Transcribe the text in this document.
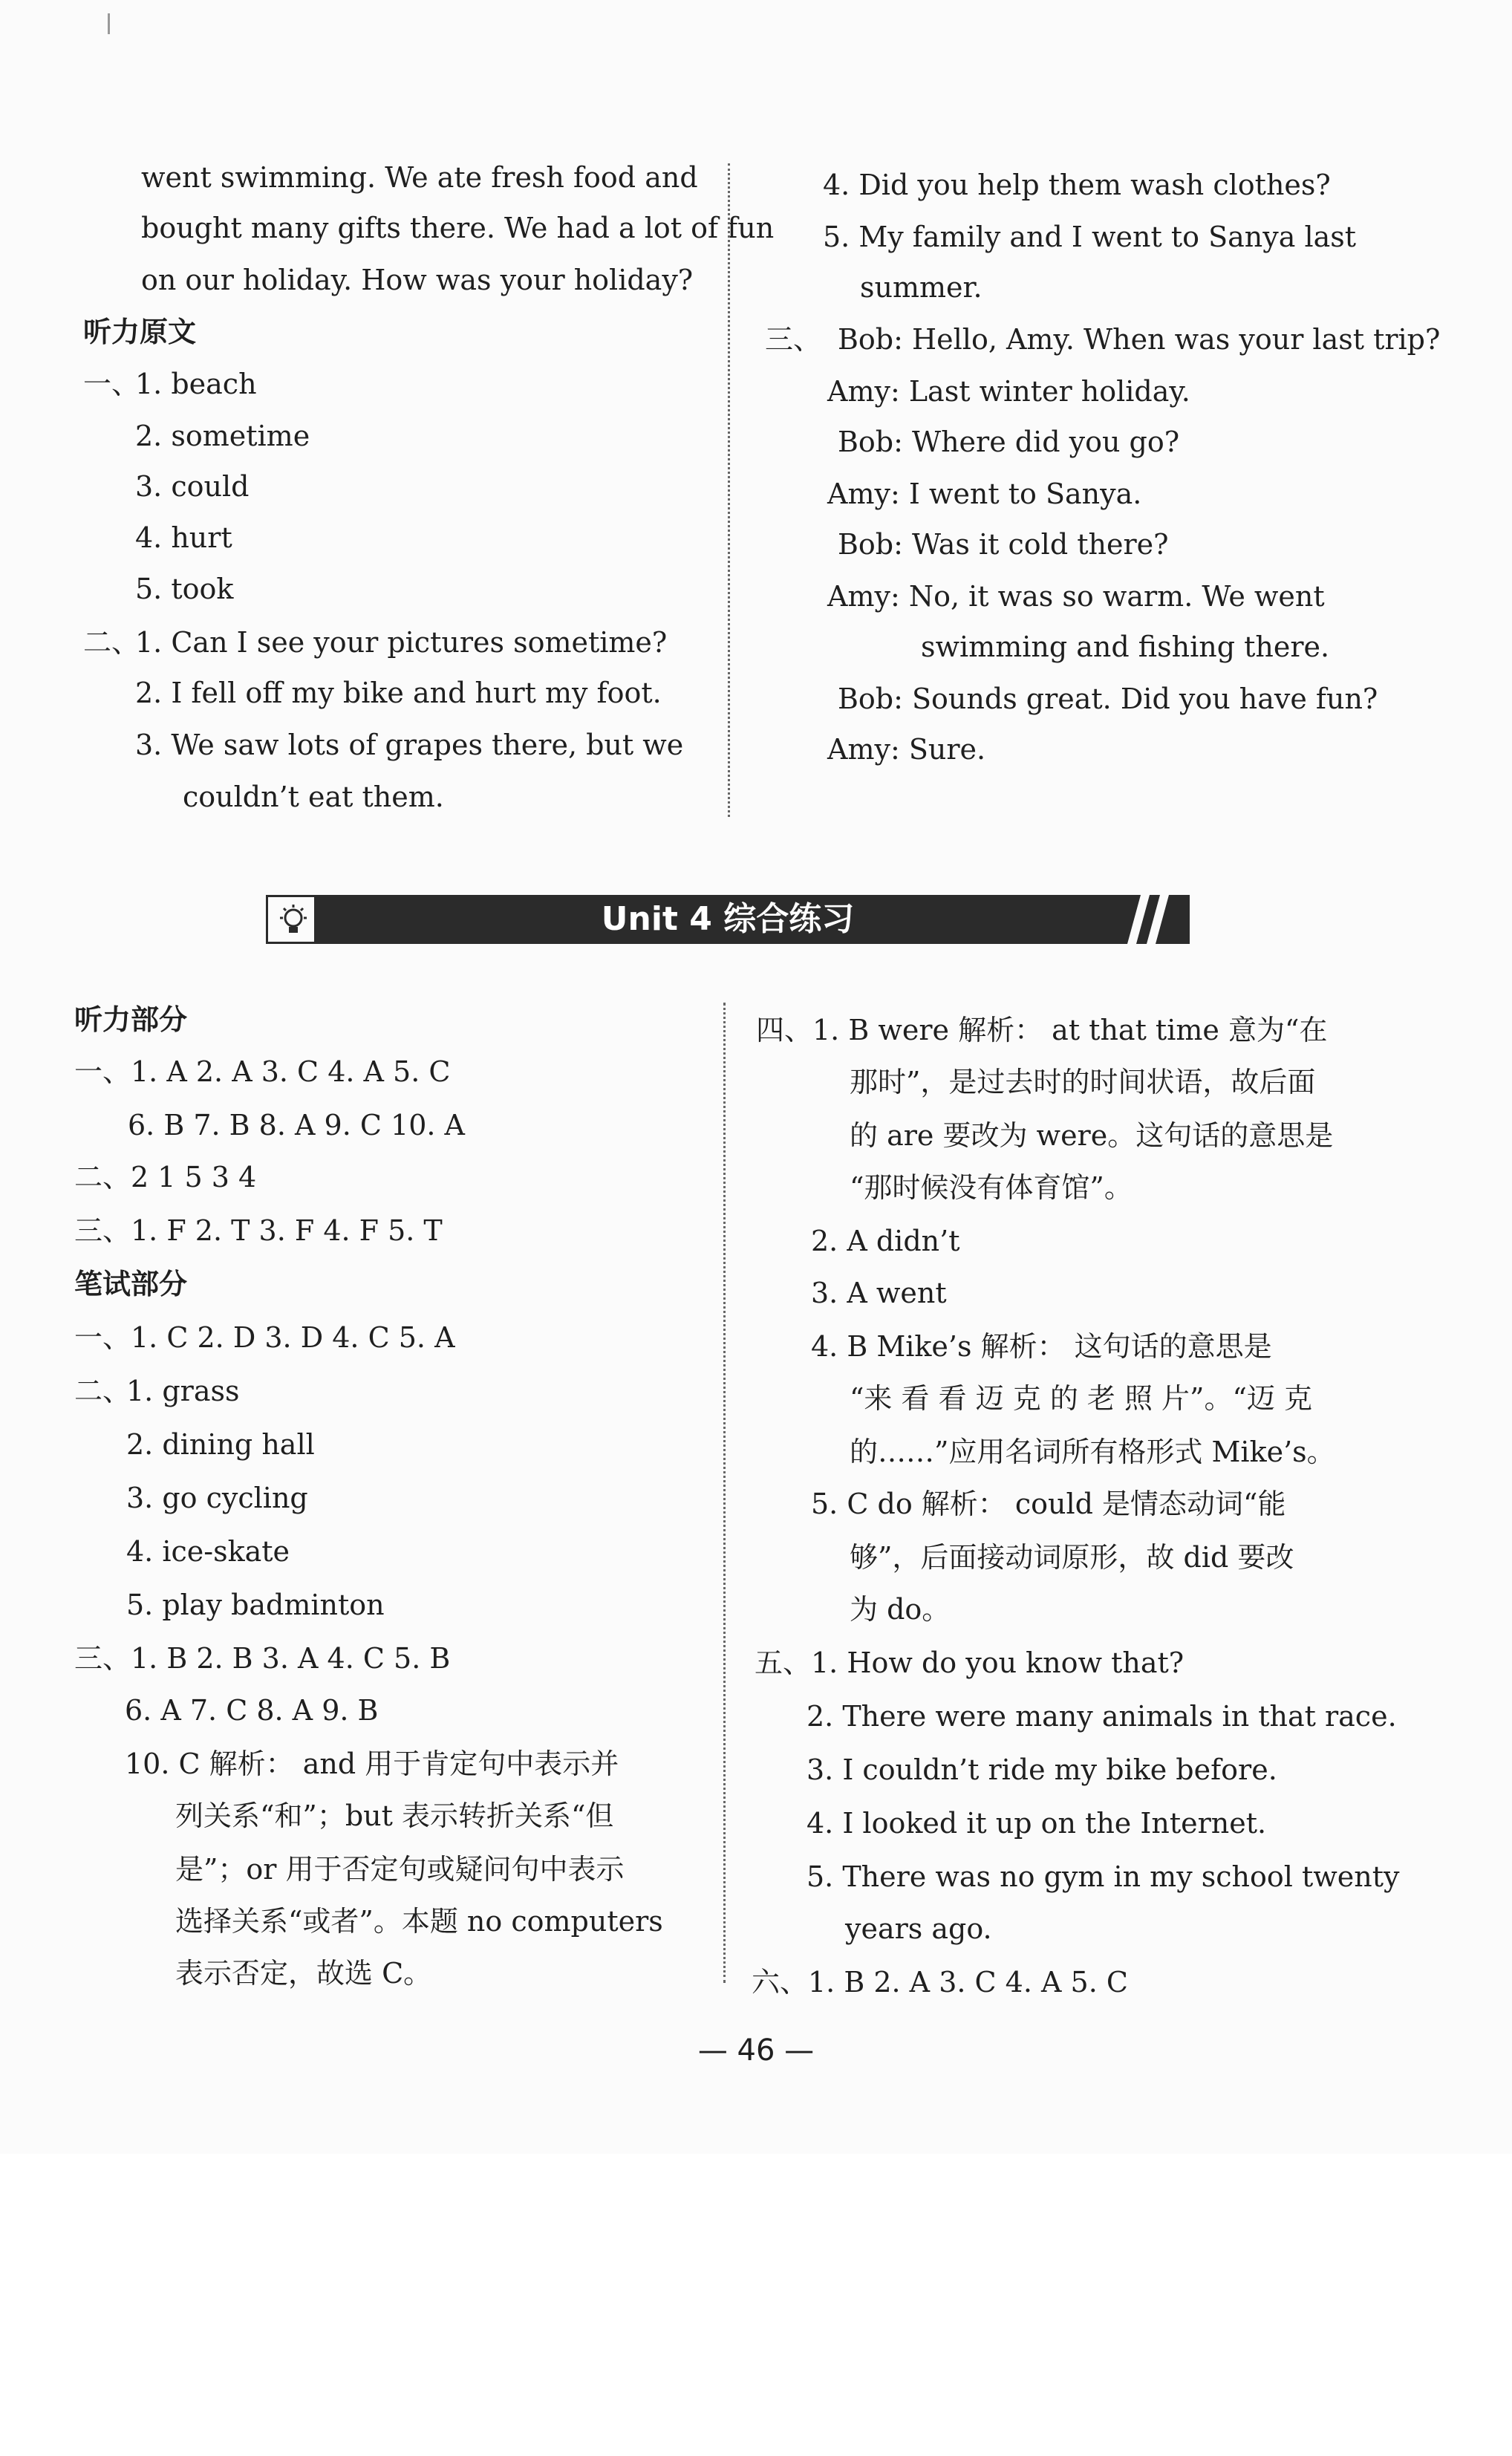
went swimming. We ate fresh food and
bought many gifts there. We had a lot of fun
on our holiday. How was your holiday?
听力原文
一、
1. beach
2. sometime
3. could
4. hurt
5. took
二、
1. Can I see your pictures sometime?
2. I fell off my bike and hurt my foot.
3. We saw lots of grapes there, but we
couldn’t eat them.
4. Did you help them wash clothes?
5. My family and I went to Sanya last
summer.
三、 Bob: Hello, Amy. When was your last trip?
Amy: Last winter holiday.
Bob: Where did you go?
Amy: I went to Sanya.
Bob: Was it cold there?
Amy: No, it was so warm. We went
swimming and fishing there.
Bob: Sounds great. Did you have fun?
Amy: Sure.
Unit 4 综合练习
听力部分
一、1. A 2. A 3. C 4. A 5. C
6. B 7. B 8. A 9. C 10. A
二、2 1 5 3 4
三、1. F 2. T 3. F 4. F 5. T
笔试部分
一、1. C 2. D 3. D 4. C 5. A
二、
1. grass
2. dining hall
3. go cycling
4. ice-skate
5. play badminton
三、1. B 2. B 3. A 4. C 5. B
6. A 7. C 8. A 9. B
10. C 解析： and 用于肯定句中表示并
列关系“和”；but 表示转折关系“但
是”；or 用于否定句或疑问句中表示
选择关系“或者”。本题 no computers
表示否定，故选 C。
四、1. B were 解析： at that time 意为“在
那时”，是过去时的时间状语，故后面
的 are 要改为 were。这句话的意思是
“那时候没有体育馆”。
2. A didn’t
3. A went
4. B Mike’s 解析： 这句话的意思是
“来 看 看 迈 克 的 老 照 片”。“迈 克
的……”应用名词所有格形式 Mike’s。
5. C do 解析： could 是情态动词“能
够”，后面接动词原形，故 did 要改
为 do。
五、1. How do you know that?
2. There were many animals in that race.
3. I couldn’t ride my bike before.
4. I looked it up on the Internet.
5. There was no gym in my school twenty
years ago.
六、1. B 2. A 3. C 4. A 5. C
— 46 —
